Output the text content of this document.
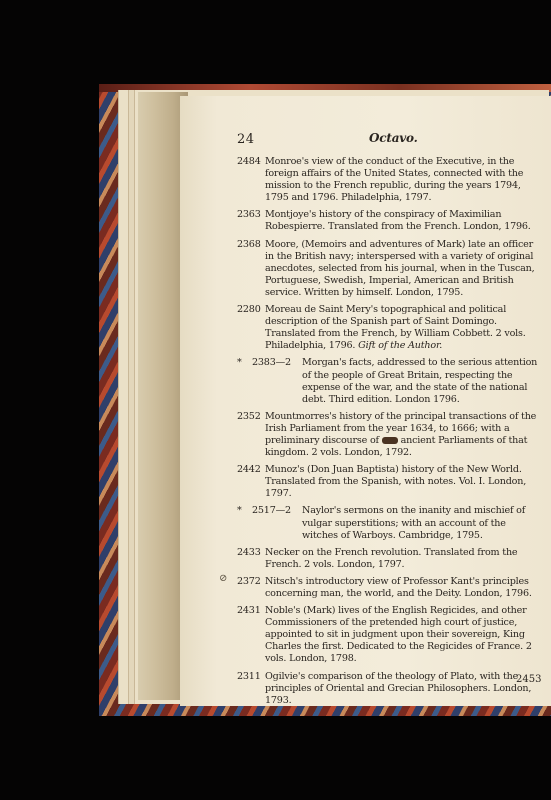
⊘
24	Octavo.
2484 Monroe's view of the conduct of the Executive, in the foreign affairs of the United States, connected with the mission to the French republic, during the years 1794, 1795 and 1796. Philadelphia, 1797.
2363 Montjoye's history of the conspiracy of Maximilian Robespierre. Translated from the French. London, 1796.
2368 Moore, (Memoirs and adventures of Mark) late an officer in the British navy; interspersed with a variety of original anecdotes, selected from his journal, when in the Tuscan, Portuguese, Swedish, Imperial, American and British service. Written by himself. London, 1795.
2280 Moreau de Saint Mery's topographical and political description of the Spanish part of Saint Domingo. Translated from the French, by William Cobbett. 2 vols. Philadelphia, 1796. Gift of the Author.
* 2383—2	Morgan's facts, addressed to the serious attention of the people of Great Britain, respecting the expense of the war, and the state of the national debt. Third edition. London 1796.
2352 Mountmorres's history of the principal transactions of the Irish Parliament from the year 1634, to 1666; with a preliminary discourse of ancient Parliaments of that kingdom. 2 vols. London, 1792.
2442 Munoz's (Don Juan Baptista) history of the New World. Translated from the Spanish, with notes. Vol. I. London, 1797.
* 2517—2	Naylor's sermons on the inanity and mischief of vulgar superstitions; with an account of the witches of Warboys. Cambridge, 1795.
2433 Necker on the French revolution. Translated from the French. 2 vols. London, 1797.
2372 Nitsch's introductory view of Professor Kant's principles concerning man, the world, and the Deity. London, 1796.
2431 Noble's (Mark) lives of the English Regicides, and other Commissioners of the pretended high court of justice, appointed to sit in judgment upon their sovereign, King Charles the first. Dedicated to the Regicides of France. 2 vols. London, 1798.
2311 Ogilvie's comparison of the theology of Plato, with the principles of Oriental and Grecian Philosophers. London, 1793.
2453
